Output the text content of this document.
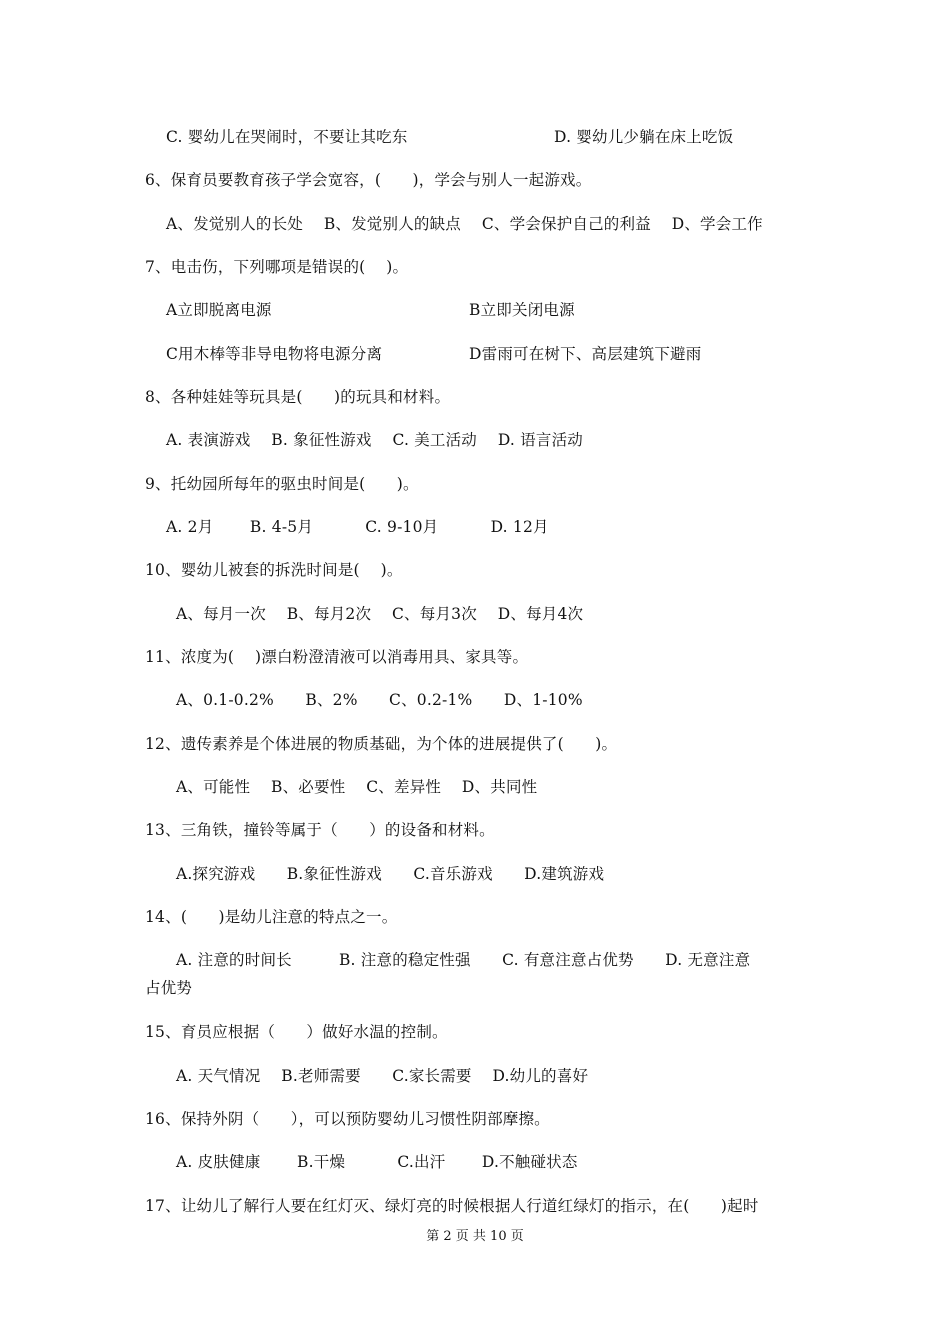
C. 婴幼儿在哭闹时，不要让其吃东	D. 婴幼儿少躺在床上吃饭
6、保育员要教育孩子学会宽容，(　　)，学会与别人一起游戏。
A、发觉别人的长处　 B、发觉别人的缺点　 C、学会保护自己的利益　 D、学会工作
7、电击伤，下列哪项是错误的(　 )。
A立即脱离电源	B立即关闭电源
C用木棒等非导电物将电源分离	D雷雨可在树下、高层建筑下避雨
8、各种娃娃等玩具是(　　)的玩具和材料。
A. 表演游戏　 B. 象征性游戏　 C. 美工活动　 D. 语言活动
9、托幼园所每年的驱虫时间是(　　)。
A. 2月　　 B. 4-5月　　　 C. 9-10月　　　 D. 12月
10、婴幼儿被套的拆洗时间是(　 )。
A、每月一次　 B、每月2次　 C、每月3次　 D、每月4次
11、浓度为(　 )漂白粉澄清液可以消毒用具、家具等。
A、0.1-0.2%　　B、2%　　C、0.2-1%　　D、1-10%
12、遗传素养是个体进展的物质基础，为个体的进展提供了(　　)。
A、可能性　 B、必要性　 C、差异性　 D、共同性
13、三角铁，撞铃等属于（　　）的设备和材料。
A.探究游戏　　B.象征性游戏　　C.音乐游戏　　D.建筑游戏
14、(　　)是幼儿注意的特点之一。
A. 注意的时间长　　　B. 注意的稳定性强　　C. 有意注意占优势　　D. 无意注意
占优势
15、育员应根据（　　）做好水温的控制。
A. 天气情况　 B.老师需要　　C.家长需要　 D.幼儿的喜好
16、保持外阴（　　），可以预防婴幼儿习惯性阴部摩擦。
A. 皮肤健康　　 B.干燥　　　 C.出汗　　 D.不触碰状态
17、让幼儿了解行人要在红灯灭、绿灯亮的时候根据人行道红绿灯的指示，在(　　)起时
第 2 页 共 10 页
